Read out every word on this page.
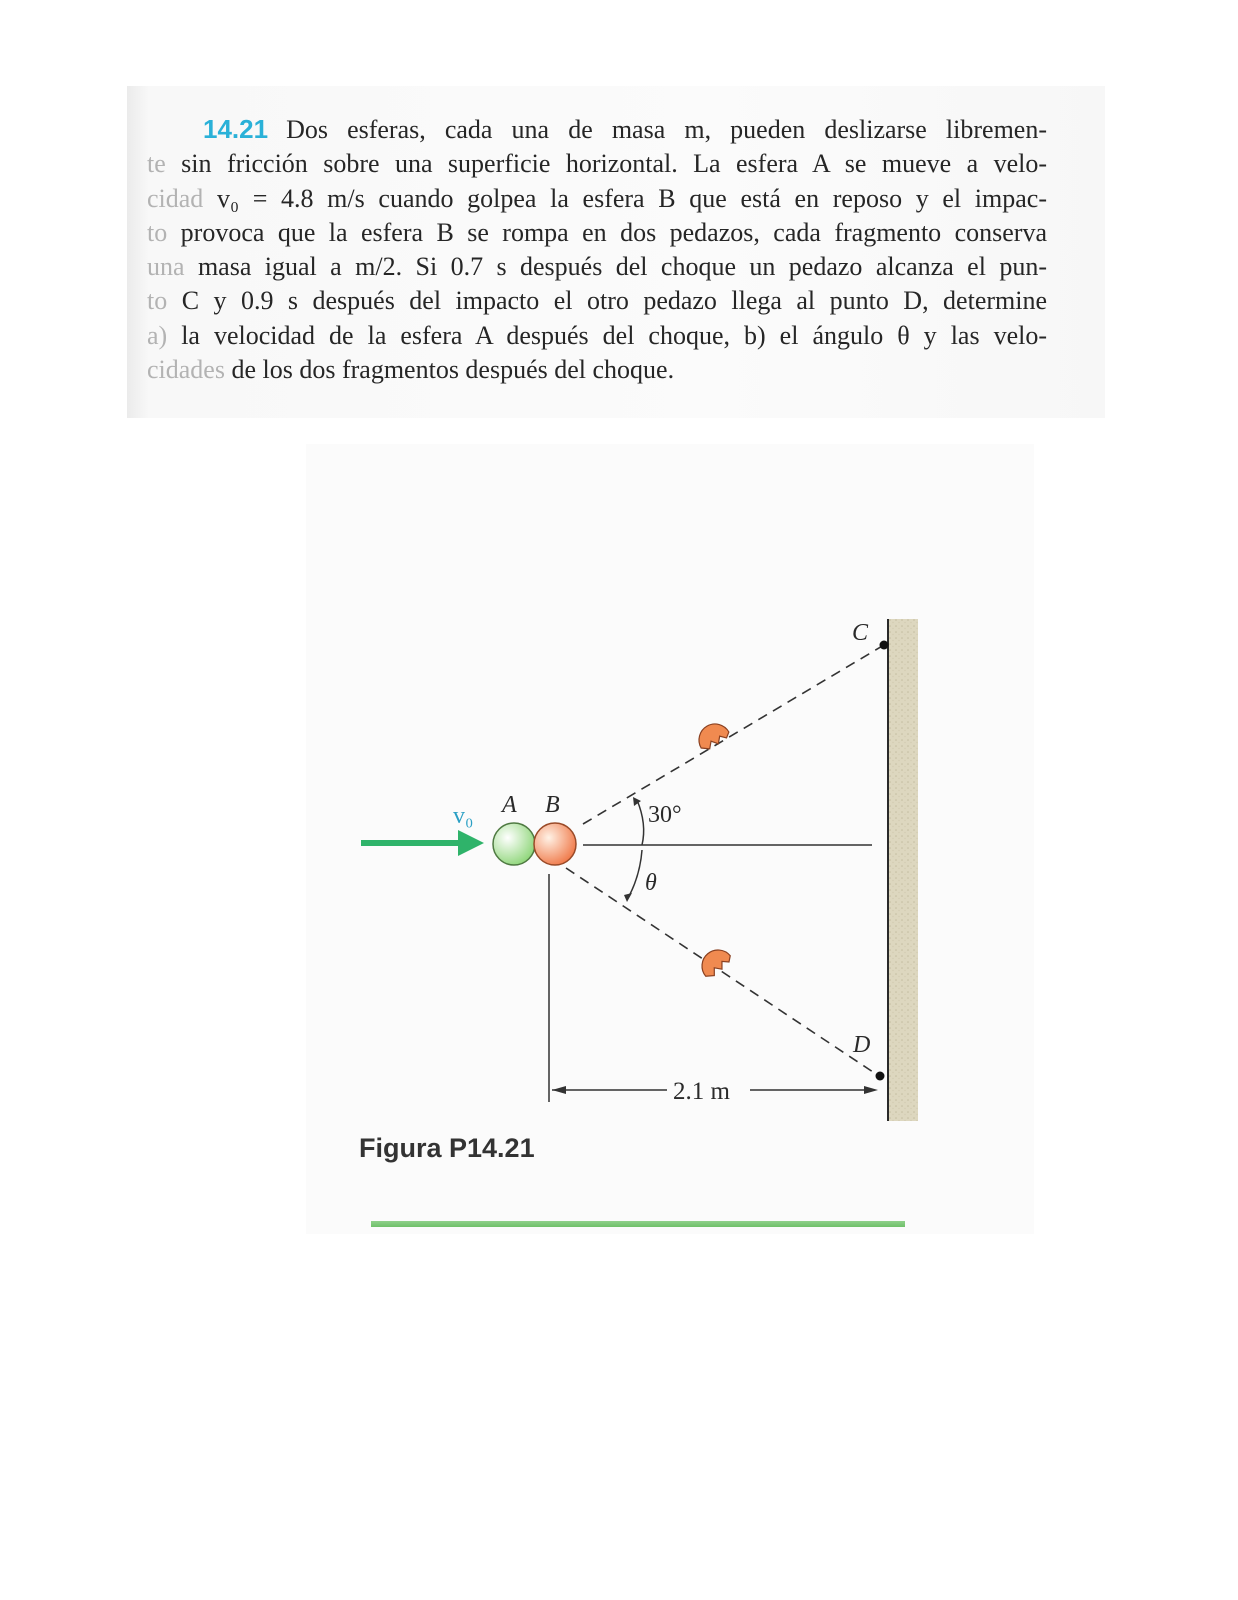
14.21 Dos esferas, cada una de masa m, pueden deslizarse libremen-
te sin fricción sobre una superficie horizontal. La esfera A se mueve a velo-
cidad v₀ = 4.8 m/s cuando golpea la esfera B que está en reposo y el impac-
to provoca que la esfera B se rompa en dos pedazos, cada fragmento conserva
una masa igual a m/2. Si 0.7 s después del choque un pedazo alcanza el pun-
to C y 0.9 s después del impacto el otro pedazo llega al punto D, determine
a) la velocidad de la esfera A después del choque, b) el ángulo θ y las velo-
cidades de los dos fragmentos después del choque.
v₀ A B	30°
θ
C
D
2.1 m
Figura P14.21
